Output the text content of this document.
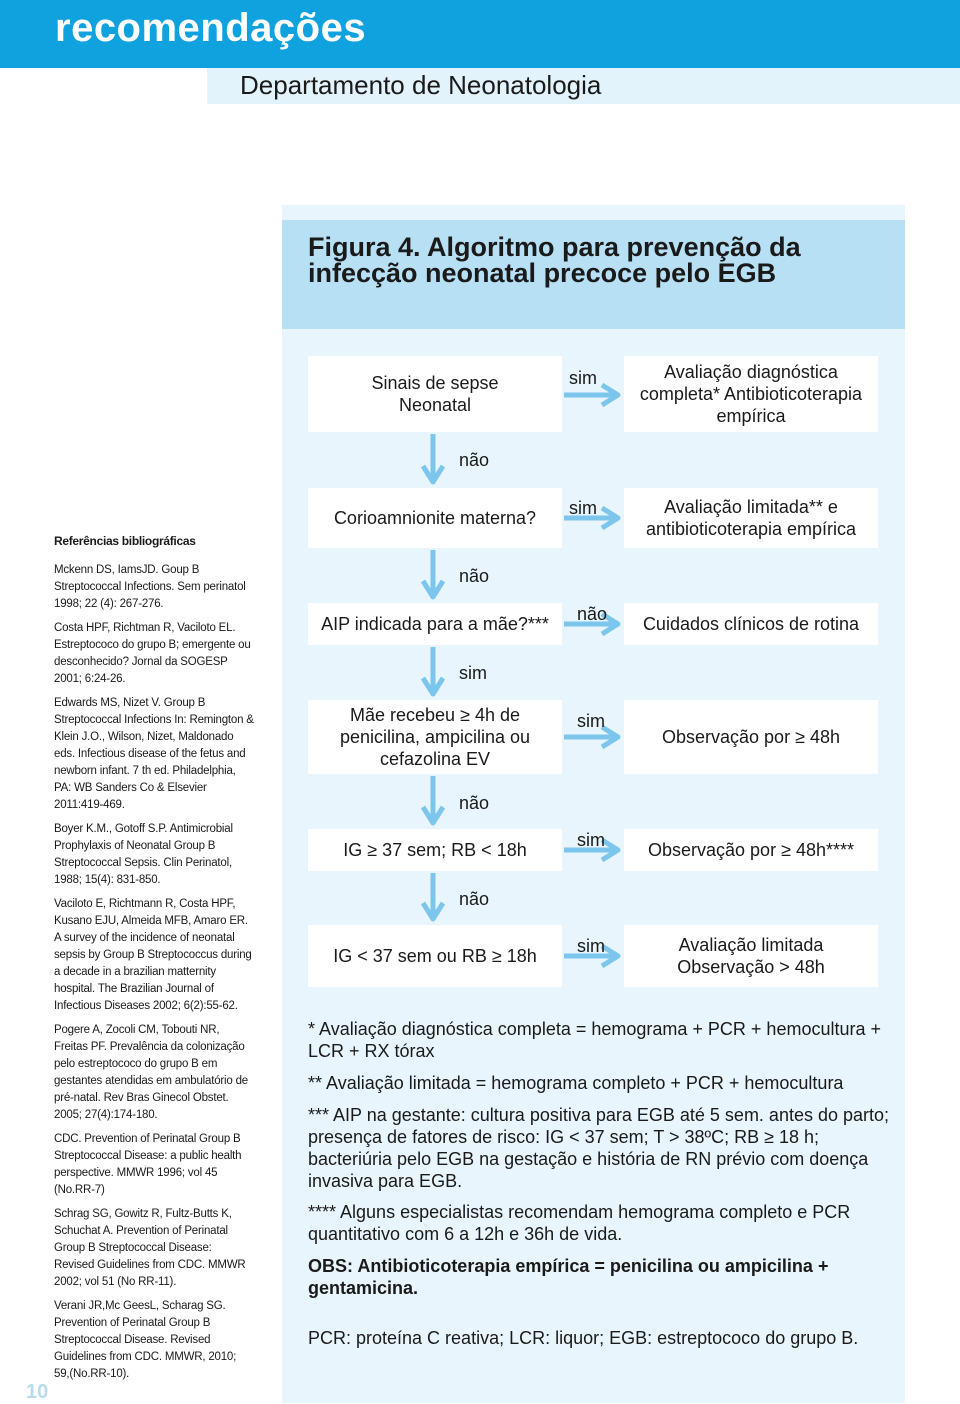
recomendações
Departamento de Neonatologia
Figura 4. Algoritmo para prevenção da infecção neonatal precoce pelo EGB
Sinais de sepse Neonatal
Avaliação diagnóstica completa* Antibioticoterapia empírica
Corioamnionite materna?
Avaliação limitada** e antibioticoterapia empírica
AIP indicada para a mãe?***	Cuidados clínicos de rotina
Mãe recebeu ≥ 4h de penicilina, ampicilina ou cefazolina EV
Observação por ≥ 48h
IG ≥ 37 sem; RB < 18h	Observação por ≥ 48h****
IG < 37 sem ou RB ≥ 18h
Avaliação limitada Observação > 48h
sim
não
sim
não
não
sim
sim
não
sim
não
sim
* Avaliação diagnóstica completa = hemograma + PCR + hemocultura + LCR + RX tórax
** Avaliação limitada = hemograma completo + PCR + hemocultura
*** AIP na gestante: cultura positiva para EGB até 5 sem. antes do parto; presença de fatores de risco: IG < 37 sem; T > 38ºC; RB ≥ 18 h; bacteriúria pelo EGB na gestação e história de RN prévio com doença invasiva para EGB.
**** Alguns especialistas recomendam hemograma completo e PCR quantitativo com 6 a 12h e 36h de vida.
OBS: Antibioticoterapia empírica = penicilina ou ampicilina + gentamicina.
PCR: proteína C reativa; LCR: liquor; EGB: estreptococo do grupo B.
Referências bibliográficas
Mckenn DS, IamsJD. Goup B Streptococcal Infections. Sem perinatol 1998; 22 (4): 267-276.
Costa HPF, Richtman R, Vaciloto EL. Estreptococo do grupo B; emergente ou desconhecido? Jornal da SOGESP 2001; 6:24-26.
Edwards MS, Nizet V. Group B Streptococcal Infections In: Remington & Klein J.O., Wilson, Nizet, Maldonado eds. Infectious disease of the fetus and newborn infant. 7 th ed. Philadelphia, PA: WB Sanders Co & Elsevier 2011:419-469.
Boyer K.M., Gotoff S.P. Antimicrobial Prophylaxis of Neonatal Group B Streptococcal Sepsis. Clin Perinatol, 1988; 15(4): 831-850.
Vaciloto E, Richtmann R, Costa HPF, Kusano EJU, Almeida MFB, Amaro ER. A survey of the incidence of neonatal sepsis by Group B Streptococcus during a decade in a brazilian matternity hospital. The Brazilian Journal of Infectious Diseases 2002; 6(2):55-62.
Pogere A, Zocoli CM, Tobouti NR, Freitas PF. Prevalência da colonização pelo estreptococo do grupo B em gestantes atendidas em ambulatório de pré-natal. Rev Bras Ginecol Obstet. 2005; 27(4):174-180.
CDC. Prevention of Perinatal Group B Streptococcal Disease: a public health perspective. MMWR 1996; vol 45 (No.RR-7)
Schrag SG, Gowitz R, Fultz-Butts K, Schuchat A. Prevention of Perinatal Group B Streptococcal Disease: Revised Guidelines from CDC. MMWR 2002; vol 51 (No RR-11).
Verani JR,Mc GeesL, Scharag SG. Prevention of Perinatal Group B Streptococcal Disease. Revised Guidelines from CDC. MMWR, 2010; 59,(No.RR-10).
10
